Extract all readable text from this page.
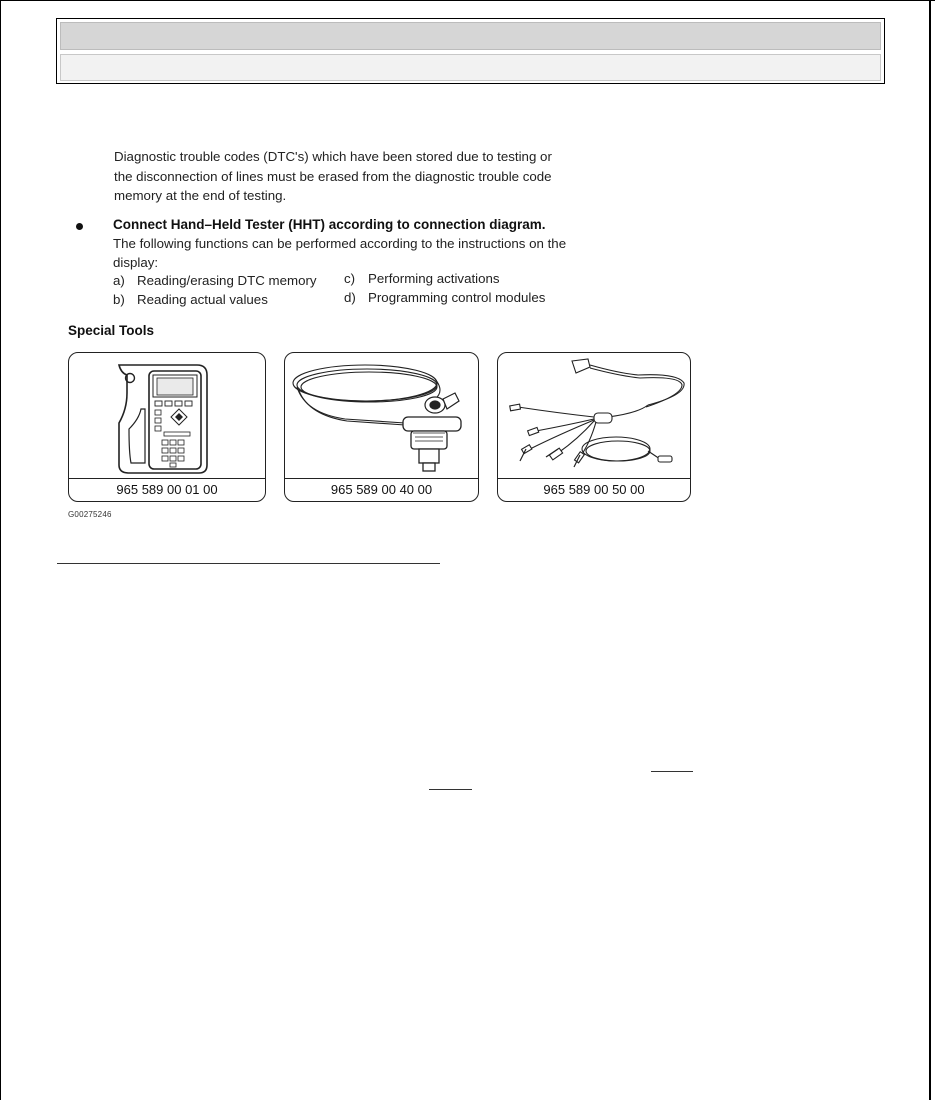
Diagnostic trouble codes (DTC's) which have been stored due to testing or the disconnection of lines must be erased from the diagnostic trouble code memory at the end of testing.
Connect Hand–Held Tester (HHT) according to connection diagram.
The following functions can be performed according to the instructions on the display:
a) Reading/erasing DTC memory
b) Reading actual values
c) Performing activations
d) Programming control modules
Special Tools
965 589 00 01 00	965 589 00 40 00	965 589 00 50 00
G00275246
